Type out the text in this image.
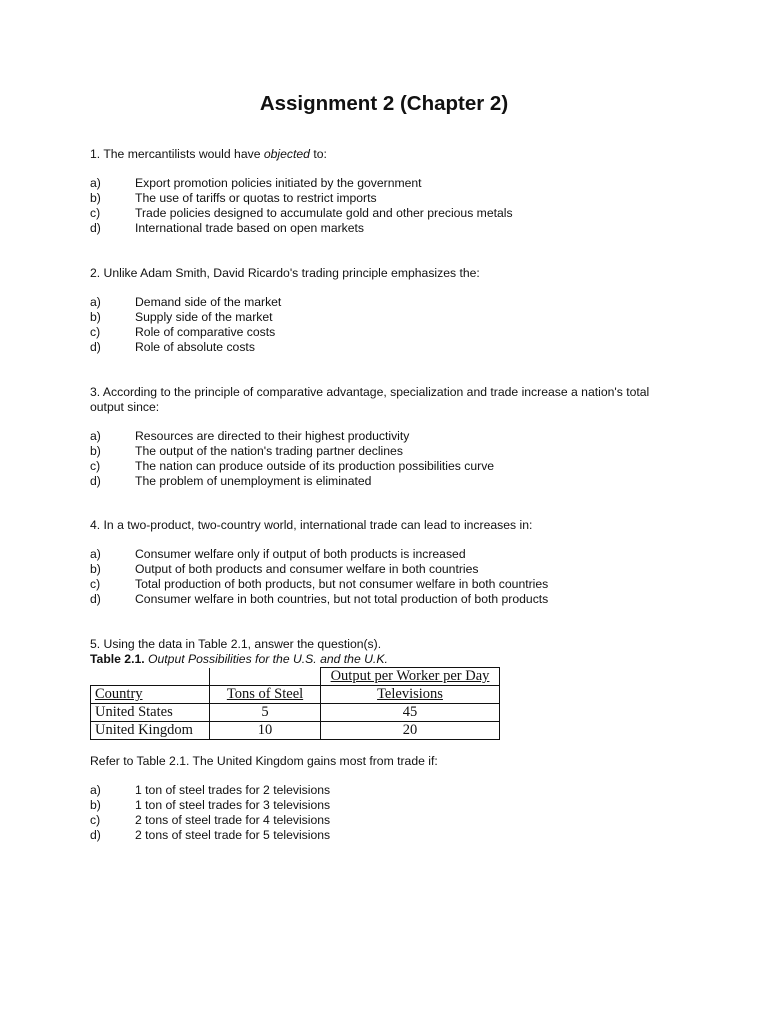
Assignment 2 (Chapter 2)

1. The mercantilists would have objected to:

a)	Export promotion policies initiated by the government
b)	The use of tariffs or quotas to restrict imports
c)	Trade policies designed to accumulate gold and other precious metals
d)	International trade based on open markets

2. Unlike Adam Smith, David Ricardo's trading principle emphasizes the:

a)	Demand side of the market
b)	Supply side of the market
c)	Role of comparative costs
d)	Role of absolute costs

3. According to the principle of comparative advantage, specialization and trade increase a nation's total output since:

a)	Resources are directed to their highest productivity
b)	The output of the nation's trading partner declines
c)	The nation can produce outside of its production possibilities curve
d)	The problem of unemployment is eliminated

4. In a two-product, two-country world, international trade can lead to increases in:

a)	Consumer welfare only if output of both products is increased
b)	Output of both products and consumer welfare in both countries
c)	Total production of both products, but not consumer welfare in both countries
d)	Consumer welfare in both countries, but not total production of both products

5. Using the data in Table 2.1, answer the question(s).

Table 2.1. Output Possibilities for the U.S. and the U.K.

		Output per Worker per Day
Country	Tons of Steel	Televisions
United States	5	45
United Kingdom	10	20

Refer to Table 2.1. The United Kingdom gains most from trade if:

a)	1 ton of steel trades for 2 televisions
b)	1 ton of steel trades for 3 televisions
c)	2 tons of steel trade for 4 televisions
d)	2 tons of steel trade for 5 televisions
